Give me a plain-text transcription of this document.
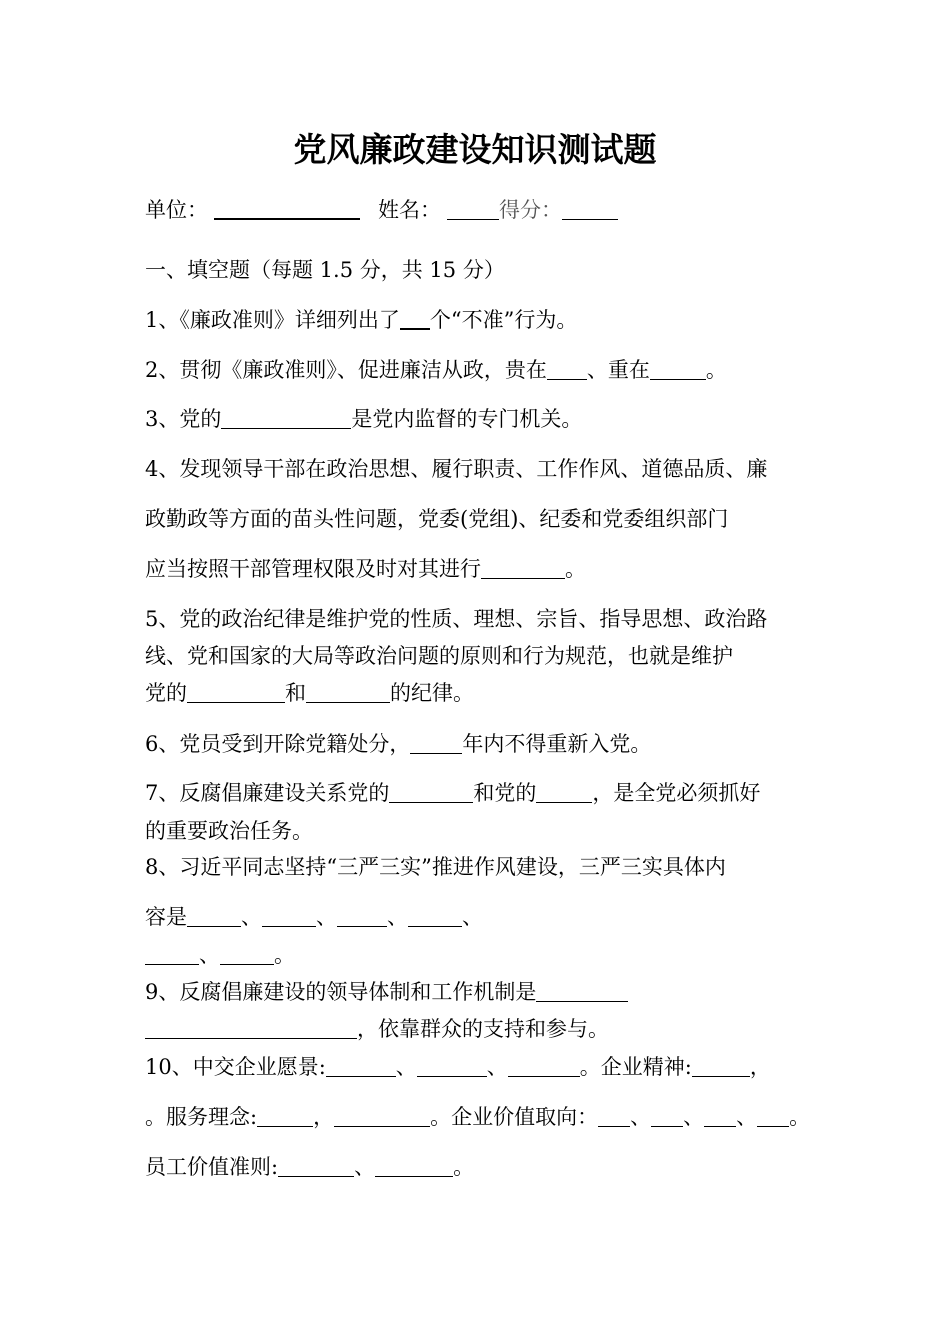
党风廉政建设知识测试题
单位：	姓名：	得分：
一、填空题（每题 1.5 分，共 15 分）
1、《廉政准则》详细列出了 个“不准”行为。
2、贯彻《廉政准则》、促进廉洁从政，贵在 、重在	。
3、党的	是党内监督的专门机关。
4、发现领导干部在政治思想、履行职责、工作作风、道德品质、廉
政勤政等方面的苗头性问题，党委(党组)、纪委和党委组织部门
应当按照干部管理权限及时对其进行	。
5、党的政治纪律是维护党的性质、理想、宗旨、指导思想、政治路
线、党和国家的大局等政治问题的原则和行为规范，也就是维护
党的	和	的纪律。
6、党员受到开除党籍处分， 年内不得重新入党。
7、反腐倡廉建设关系党的	和党的	，是全党必须抓好
的重要政治任务。
8、习近平同志坚持“三严三实”推进作风建设，三严三实具体内
容是	、	、 、	、
、	。
9、反腐倡廉建设的领导体制和工作机制是
，依靠群众的支持和参与。
10、中交企业愿景:	、	、	。企业精神:	，
。服务理念:	，	。企业价值取向： 、 、 、 。
员工价值准则:	、	。
